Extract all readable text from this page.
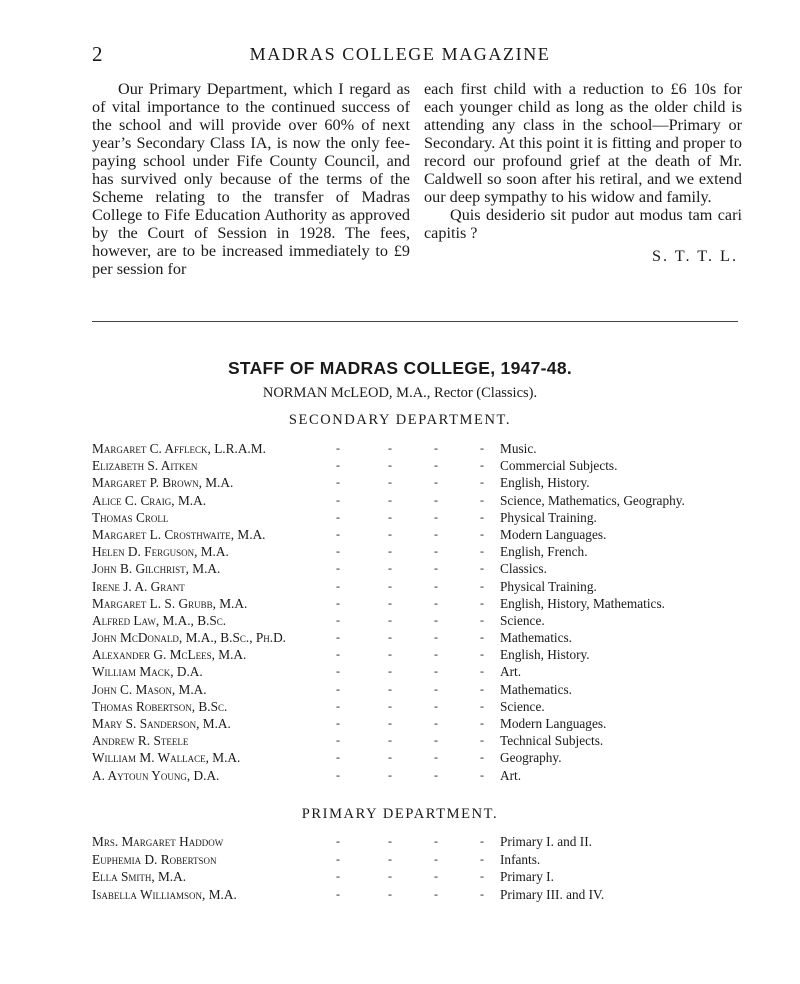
2	MADRAS COLLEGE MAGAZINE

Our Primary Department, which I regard as of vital importance to the continued success of the school and will provide over 60% of next year’s Secondary Class IA, is now the only fee-paying school under Fife County Council, and has survived only because of the terms of the Scheme relating to the transfer of Madras College to Fife Education Authority as approved by the Court of Session in 1928. The fees, however, are to be increased immediately to £9 per session for

each first child with a reduction to £6 10s for each younger child as long as the older child is attending any class in the school—Primary or Secondary. At this point it is fitting and proper to record our profound grief at the death of Mr. Caldwell so soon after his retiral, and we extend our deep sympathy to his widow and family.

Quis desiderio sit pudor aut modus tam cari capitis ?

S. T. T. L.

STAFF OF MADRAS COLLEGE, 1947-48.
NORMAN McLEOD, M.A., Rector (Classics).
SECONDARY DEPARTMENT.
Margaret C. Affleck, L.R.A.M.	-	-	-	- Music.
Elizabeth S. Aitken	-	-	-	- Commercial Subjects.
Margaret P. Brown, M.A.	-	-	-	- English, History.
Alice C. Craig, M.A.	-	-	-	- Science, Mathematics, Geography.
Thomas Croll	-	-	-	- Physical Training.
Margaret L. Crosthwaite, M.A.	-	-	-	- Modern Languages.
Helen D. Ferguson, M.A.	-	-	-	- English, French.
John B. Gilchrist, M.A.	-	-	-	- Classics.
Irene J. A. Grant	-	-	-	- Physical Training.
Margaret L. S. Grubb, M.A.	-	-	-	- English, History, Mathematics.
Alfred Law, M.A., B.Sc.	-	-	-	- Science.
John McDonald, M.A., B.Sc., Ph.D.	-	-	-	- Mathematics.
Alexander G. McLees, M.A.	-	-	-	- English, History.
William Mack, D.A.	-	-	-	- Art.
John C. Mason, M.A.	-	-	-	- Mathematics.
Thomas Robertson, B.Sc.	-	-	-	- Science.
Mary S. Sanderson, M.A.	-	-	-	- Modern Languages.
Andrew R. Steele	-	-	-	- Technical Subjects.
William M. Wallace, M.A.	-	-	-	- Geography.
A. Aytoun Young, D.A.	-	-	-	- Art.
PRIMARY DEPARTMENT.
Mrs. Margaret Haddow	-	-	-	- Primary I. and II.
Euphemia D. Robertson	-	-	-	- Infants.
Ella Smith, M.A.	-	-	-	- Primary I.
Isabella Williamson, M.A.	-	-	-	- Primary III. and IV.
